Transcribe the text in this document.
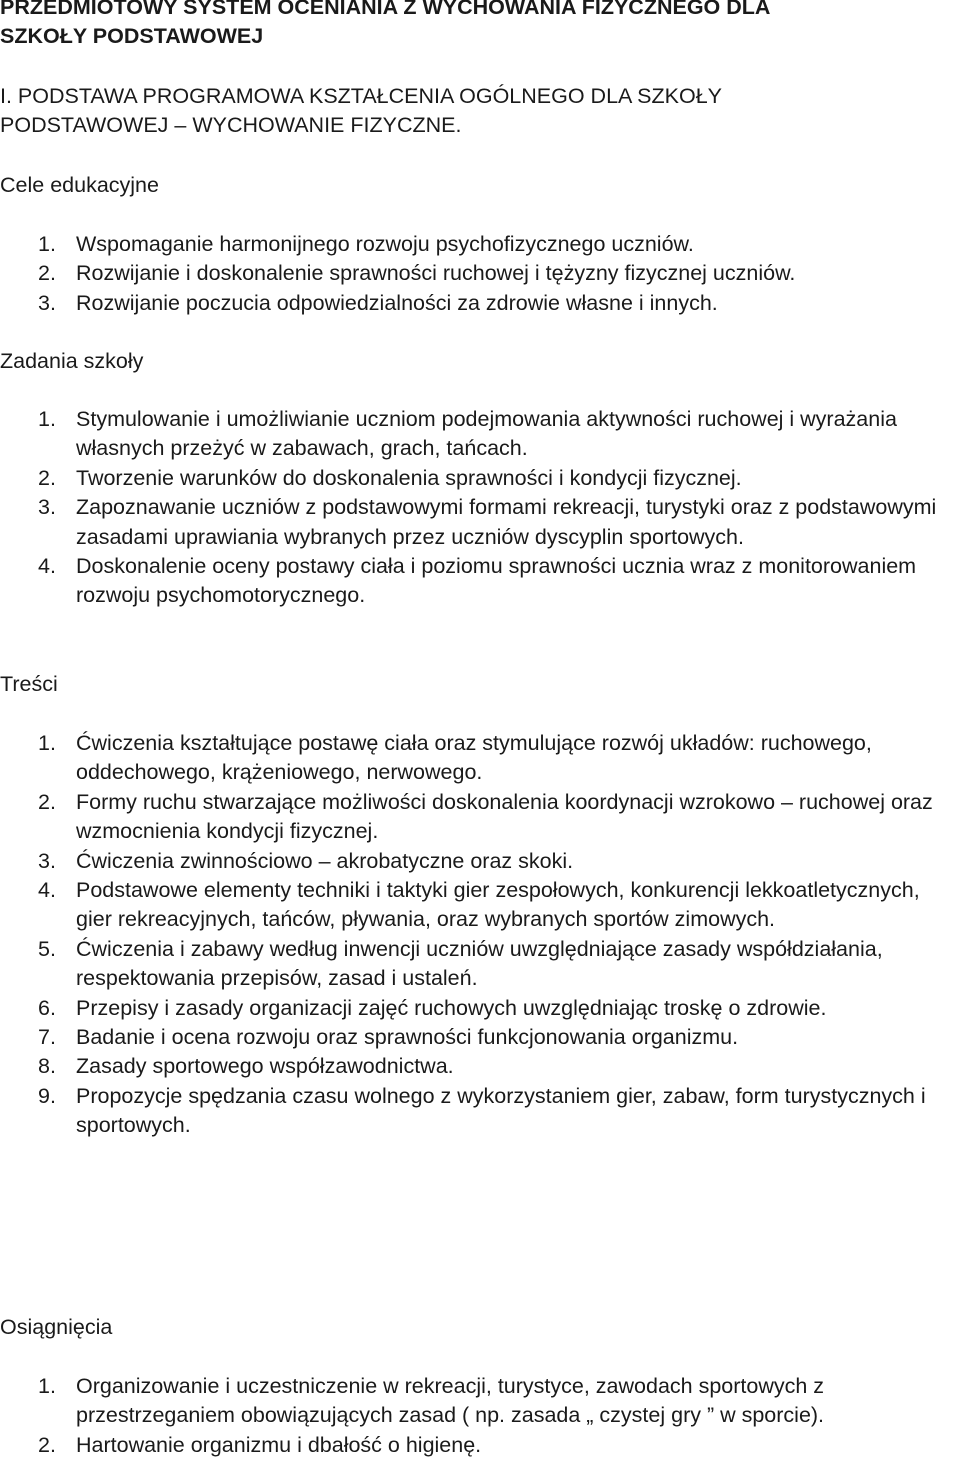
PRZEDMIOTOWY SYSTEM OCENIANIA Z WYCHOWANIA FIZYCZNEGO DLA

SZKOŁY PODSTAWOWEJ

I. PODSTAWA PROGRAMOWA KSZTAŁCENIA OGÓLNEGO DLA SZKOŁY

PODSTAWOWEJ – WYCHOWANIE FIZYCZNE.

Cele edukacyjne
1. Wspomaganie harmonijnego rozwoju psychofizycznego uczniów.
2. Rozwijanie i doskonalenie sprawności ruchowej i tężyzny fizycznej uczniów.
3. Rozwijanie poczucia odpowiedzialności za zdrowie własne i innych.
Zadania szkoły
1. Stymulowanie i umożliwianie uczniom podejmowania aktywności ruchowej i wyrażania własnych przeżyć w zabawach, grach, tańcach.
2. Tworzenie warunków do doskonalenia sprawności i kondycji fizycznej.
3. Zapoznawanie uczniów z podstawowymi formami rekreacji, turystyki oraz z podstawowymi zasadami uprawiania wybranych przez uczniów dyscyplin sportowych.
4. Doskonalenie oceny postawy ciała i poziomu sprawności ucznia wraz z monitorowaniem rozwoju psychomotorycznego.
Treści
1. Ćwiczenia kształtujące postawę ciała oraz stymulujące rozwój układów: ruchowego, oddechowego, krążeniowego, nerwowego.
2. Formy ruchu stwarzające możliwości doskonalenia koordynacji wzrokowo – ruchowej oraz wzmocnienia kondycji fizycznej.
3. Ćwiczenia zwinnościowo – akrobatyczne oraz skoki.
4. Podstawowe elementy techniki i taktyki gier zespołowych, konkurencji lekkoatletycznych, gier rekreacyjnych, tańców, pływania, oraz wybranych sportów zimowych.
5. Ćwiczenia i zabawy według inwencji uczniów uwzględniające zasady współdziałania, respektowania przepisów, zasad i ustaleń.
6. Przepisy i zasady organizacji zajęć ruchowych uwzględniając troskę o zdrowie.
7. Badanie i ocena rozwoju oraz sprawności funkcjonowania organizmu.
8. Zasady sportowego współzawodnictwa.
9. Propozycje spędzania czasu wolnego z wykorzystaniem gier, zabaw, form turystycznych i sportowych.
Osiągnięcia
1. Organizowanie i uczestniczenie w rekreacji, turystyce, zawodach sportowych z przestrzeganiem obowiązujących zasad ( np. zasada „ czystej gry ” w sporcie).
2. Hartowanie organizmu i dbałość o higienę.
